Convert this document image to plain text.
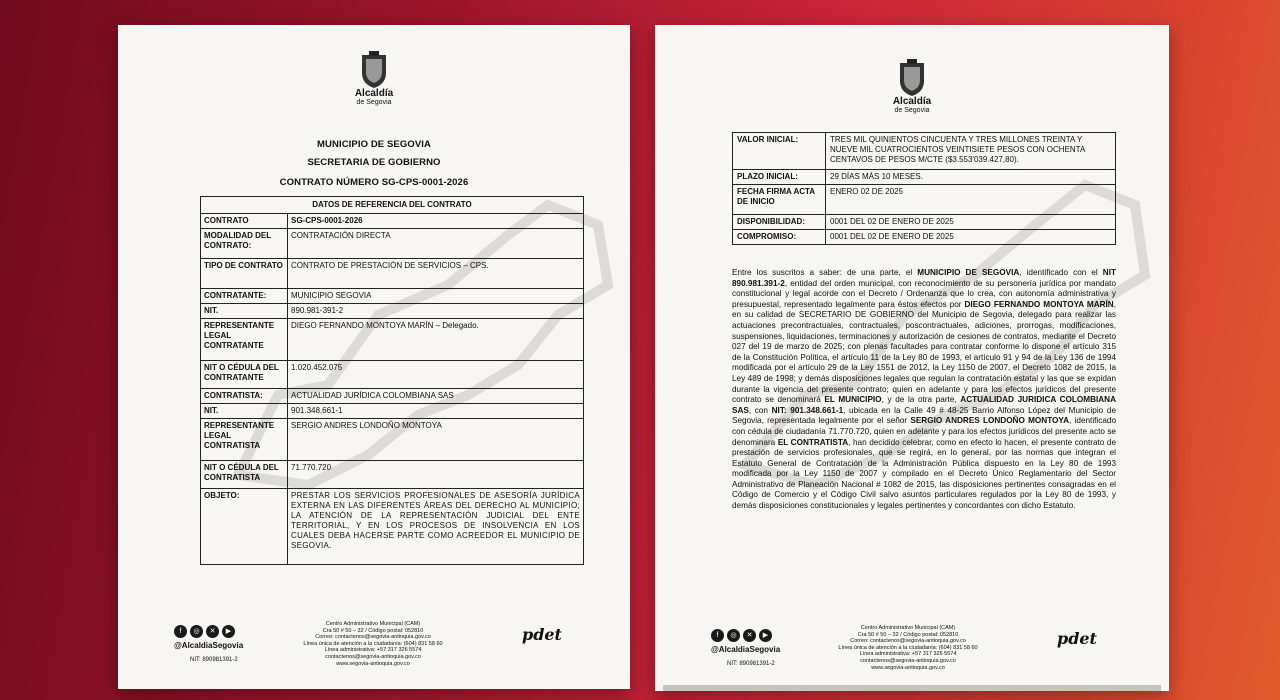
Alcaldía
de Segovia
MUNICIPIO DE SEGOVIA
SECRETARIA DE GOBIERNO
CONTRATO NÚMERO SG-CPS-0001-2026
DATOS DE REFERENCIA DEL CONTRATO	
CONTRATO	SG-CPS-0001-2026
MODALIDAD DEL CONTRATO:	CONTRATACIÓN DIRECTA
TIPO DE CONTRATO	CONTRATO DE PRESTACIÓN DE SERVICIOS – CPS.
CONTRATANTE:	MUNICIPIO SEGOVIA
NIT.	890.981-391-2
REPRESENTANTE LEGAL CONTRATANTE	DIEGO FERNANDO MONTOYA MARÍN – Delegado.
NIT O CÉDULA DEL CONTRATANTE	1.020.452.075
CONTRATISTA:	ACTUALIDAD JURÍDICA COLOMBIANA SAS
NIT.	901.348.661-1
REPRESENTANTE LEGAL CONTRATISTA	SERGIO ANDRES LONDOÑO MONTOYA
NIT O CÉDULA DEL CONTRATISTA	71.770.720
OBJETO:	PRESTAR LOS SERVICIOS PROFESIONALES DE ASESORÍA JURÍDICA EXTERNA EN LAS DIFERENTES ÁREAS DEL DERECHO AL MUNICIPIO; LA ATENCIÓN DE LA REPRESENTACIÓN JUDICIAL DEL ENTE TERRITORIAL, Y EN LOS PROCESOS DE INSOLVENCIA EN LOS CUALES DEBA HACERSE PARTE COMO ACREEDOR EL MUNICIPIO DE SEGOVIA.
f	◎	✕	▶
@AlcaldiaSegovia
NIT: 890981391-2
Centro Administrativo Municipal (CAM)
Cra 50 # 50 – 32 / Código postal: 052810
Correo: contactenos@segovia-antioquia.gov.co
Línea única de atención a la ciudadanía: (604) 831 58 60
Línea administrativa: +57 317 326 5574
contactenos@segovia-antioquia.gov.co
www.segovia-antioquia.gov.co
pdet
Alcaldía
de Segovia
VALOR INICIAL:	TRES MIL QUINIENTOS CINCUENTA Y TRES MILLONES TREINTA Y NUEVE MIL CUATROCIENTOS VEINTISIETE PESOS CON OCHENTA CENTAVOS DE PESOS M/CTE ($3.553'039.427,80).
PLAZO INICIAL:	29 DÍAS MÁS 10 MESES.
FECHA FIRMA ACTA DE INICIO	ENERO 02 DE 2025
DISPONIBILIDAD:	0001 DEL 02 DE ENERO DE 2025
COMPROMISO:	0001 DEL 02 DE ENERO DE 2025
Entre los suscritos a saber: de una parte, el MUNICIPIO DE SEGOVIA, identificado con el NIT 890.981.391-2, entidad del orden municipal, con reconocimiento de su personería jurídica por mandato constitucional y legal acorde con el Decreto / Ordenanza que lo crea, con autonomía administrativa y presupuestal, representado legalmente para éstos efectos por DIEGO FERNANDO MONTOYA MARÍN, en su calidad de SECRETARIO DE GOBIERNO del Municipio de Segovia, delegado para realizar las actuaciones precontractuales, contractuales, poscontractuales, adiciones, prorrogas, modificaciones, suspensiones, liquidaciones, terminaciones y autorización de cesiones de contratos, mediante el Decreto 027 del 19 de marzo de 2025; con plenas facultades para contratar conforme lo dispone el artículo 315 de la Constitución Política, el artículo 11 de la Ley 80 de 1993, el artículo 91 y 94 de la Ley 136 de 1994 modificada por el artículo 29 de la Ley 1551 de 2012, la Ley 1150 de 2007, el Decreto 1082 de 2015, la Ley 489 de 1998; y demás disposiciones legales que regulan la contratación estatal y las que se expidan durante la vigencia del presente contrato; quien en adelante y para los efectos jurídicos del presente contrato se denominará EL MUNICIPIO, y de la otra parte, ACTUALIDAD JURIDICA COLOMBIANA SAS, con NIT: 901.348.661-1, ubicada en la Calle 49 # 48-25 Barrio Alfonso López del Municipio de Segovia, representada legalmente por el señor SERGIO ANDRES LONDOÑO MONTOYA, identificado con cédula de ciudadanía 71.770.720, quien en adelante y para los efectos jurídicos del presente acto se denominara EL CONTRATISTA, han decidido celebrar, como en efecto lo hacen, el presente contrato de prestación de servicios profesionales, que se regirá, en lo general, por las normas que integran el Estatuto General de Contratación de la Administración Pública dispuesto en la Ley 80 de 1993 modificada por la Ley 1150 de 2007 y compilado en el Decreto Único Reglamentario del Sector Administrativo de Planeación Nacional # 1082 de 2015, las disposiciones pertinentes consagradas en el Código de Comercio y el Código Civil salvo asuntos particulares regulados por la Ley 80 de 1993, y demás disposiciones constitucionales y legales pertinentes y concordantes con dicho Estatuto.
f	◎	✕	▶
@AlcaldiaSegovia
NIT: 890981391-2
Centro Administrativo Municipal (CAM)
Cra 50 # 50 – 32 / Código postal: 052810
Correo: contactenos@segovia-antioquia.gov.co
Línea única de atención a la ciudadanía: (604) 831 58 60
Línea administrativa: +57 317 326 5574
contactenos@segovia-antioquia.gov.co
www.segovia-antioquia.gov.co
pdet
